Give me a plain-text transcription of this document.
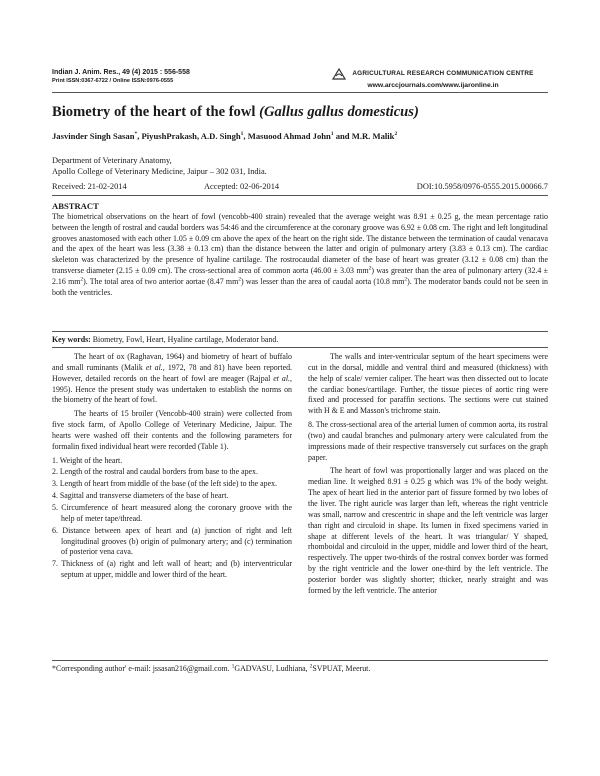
Indian J. Anim. Res., 49 (4) 2015 : 556-558
Print ISSN:0367-6722 / Online ISSN:0976-0555
AGRICULTURAL RESEARCH COMMUNICATION CENTRE
www.arccjournals.com/www.ijaronline.in
Biometry of the heart of the fowl (Gallus gallus domesticus)
Jasvinder Singh Sasan*, PiyushPrakash, A.D. Singh$^1$, Masuood Ahmad John$^1$ and M.R. Malik$^2$
Department of Veterinary Anatomy,
Apollo College of Veterinary Medicine, Jaipur – 302 031, India.
Received: 21-02-2014	Accepted: 02-06-2014	DOI:10.5958/0976-0555.2015.00066.7
ABSTRACT
The biometrical observations on the heart of fowl (vencobb-400 strain) revealed that the average weight was 8.91 ± 0.25 g, the mean percentage ratio between the length of rostral and caudal borders was 54:46 and the circumference at the coronary groove was 6.92 ± 0.08 cm. The right and left longitudinal grooves anastomosed with each other 1.05 ± 0.09 cm above the apex of the heart on the right side. The distance between the termination of caudal venacava and the apex of the heart was less (3.38 ± 0.13 cm) than the distance between the latter and origin of pulmonary artery (3.83 ± 0.13 cm). The cardiac skeleton was characterized by the presence of hyaline cartilage. The rostrocaudal diameter of the base of heart was greater (3.12 ± 0.08 cm) than the transverse diameter (2.15 ± 0.09 cm). The cross-sectional area of common aorta (46.00 ± 3.03 $mm^2$) was greater than the area of pulmonary artery (32.4 ± 2.16 $mm^2$). The total area of two anterior aortae (8.47 $mm^2$) was lesser than the area of caudal aorta (10.8 $mm^2$). The moderator bands could not be seen in both the ventricles.
Key words: Biometry, Fowl, Heart, Hyaline cartilage, Moderator band.

The heart of ox (Raghavan, 1964) and biometry of heart of buffalo and small ruminants (Malik et al., 1972, 78 and 81) have been reported. However, detailed records on the heart of fowl are meager (Rajpal et al., 1995). Hence the present study was undertaken to establish the norms on the biometry of the heart of fowl.

The hearts of 15 broiler (Vencobb-400 strain) were collected from five stock farm, of Apollo College of Veterinary Medicine, Jaipur. The hearts were washed off their contents and the following parameters for formalin fixed individual heart were recorded (Table 1).

1. Weight of the heart.
2. Length of the rostral and caudal borders from base to the apex.
3. Length of heart from middle of the base (of the left side) to the apex.
4. Sagittal and transverse diameters of the base of heart.
5. Circumference of heart measured along the coronary groove with the help of meter tape/thread.
6. Distance between apex of heart and (a) junction of right and left longitudinal grooves (b) origin of pulmonary artery; and (c) termination of posterior vena cava.
7. Thickness of (a) right and left wall of heart; and (b) interventricular septum at upper, middle and lower third of the heart.

The walls and inter-ventricular septum of the heart specimens were cut in the dorsal, middle and ventral third and measured (thickness) with the help of scale/ vernier caliper. The heart was then dissected out to locate the cardiac bones/cartilage. Further, the tissue pieces of aortic ring were fixed and processed for paraffin sections. The sections were cut stained with H & E and Masson's trichrome stain.

8. The cross-sectional area of the arterial lumen of common aorta, its rostral (two) and caudal branches and pulmonary artery were calculated from the impressions made of their respective transversely cut surfaces on the graph paper.

The heart of fowl was proportionally larger and was placed on the median line. It weighed 8.91 ± 0.25 g which was 1% of the body weight. The apex of heart lied in the anterior part of fissure formed by two lobes of the liver. The right auricle was larger than left, whereas the right ventricle was small, narrow and crescentric in shape and the left ventricle was larger than right and circuloid in shape. Its lumen in fixed specimens varied in shape at different levels of the heart. It was triangular/ Y shaped, rhomboidal and circuloid in the upper, middle and lower third of the heart, respectively. The upper two-thirds of the rostral convex border was formed by the right ventricle and the lower one-third by the left ventricle. The posterior border was slightly shorter; thicker, nearly straight and was formed by the left ventricle. The anterior

*Corresponding author' e-mail: jssasan216@gmail.com. $^1$GADVASU, Ludhiana, $^2$SVPUAT, Meerut.
